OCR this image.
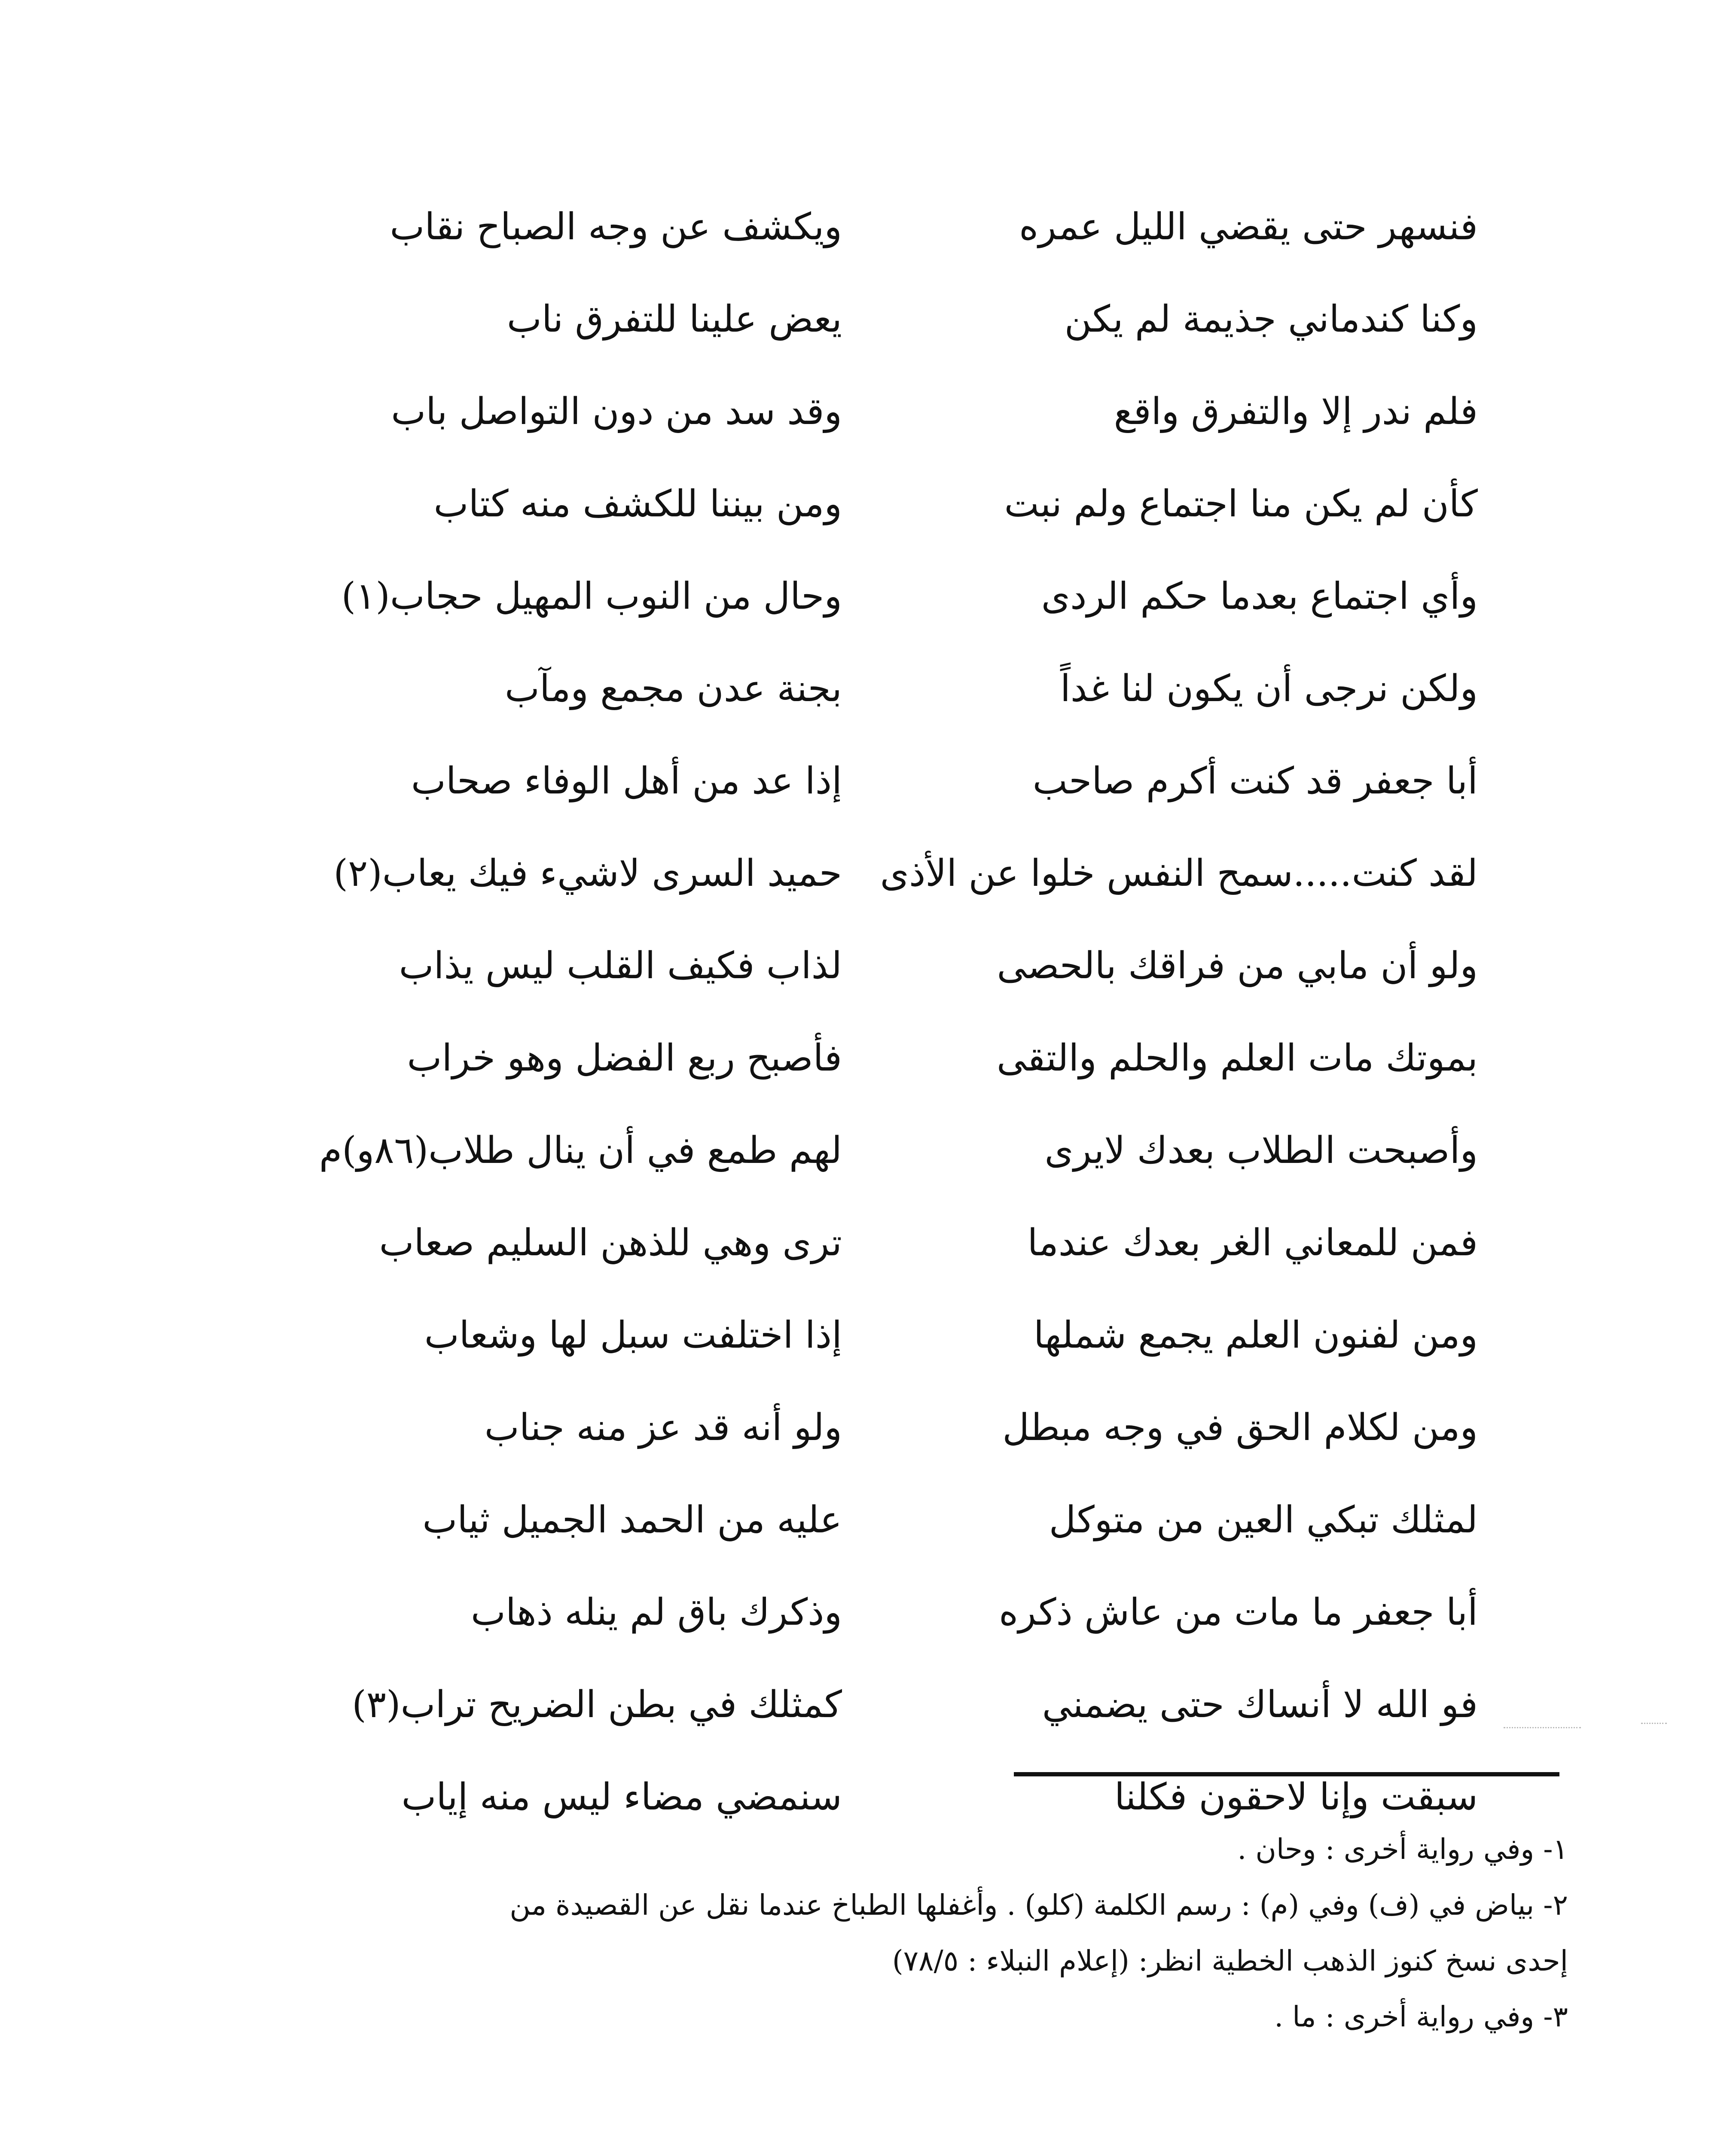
فنسهر حتى يقضي الليل عمره
ويكشف عن وجه الصباح نقاب
وكنا كندماني جذيمة لم يكن
يعض علينا للتفرق ناب
فلم ندر إلا والتفرق واقع
وقد سد من دون التواصل باب
كأن لم يكن منا اجتماع ولم نبت
ومن بيننا للكشف منه كتاب
وأي اجتماع بعدما حكم الردى
وحال من النوب المهيل حجاب(١)
ولكن نرجى أن يكون لنا غداً
بجنة عدن مجمع ومآب
أبا جعفر قد كنت أكرم صاحب
إذا عد من أهل الوفاء صحاب
لقد كنت.....سمح النفس خلوا عن الأذى
حميد السرى لاشيء فيك يعاب(٢)
ولو أن مابي من فراقك بالحصى
لذاب فكيف القلب ليس يذاب
بموتك مات العلم والحلم والتقى
فأصبح ربع الفضل وهو خراب
وأصبحت الطلاب بعدك لايرى
لهم طمع في أن ينال طلاب(٨٦و)م
فمن للمعاني الغر بعدك عندما
ترى وهي للذهن السليم صعاب
ومن لفنون العلم يجمع شملها
إذا اختلفت سبل لها وشعاب
ومن لكلام الحق في وجه مبطل
ولو أنه قد عز منه جناب
لمثلك تبكي العين من متوكل
عليه من الحمد الجميل ثياب
أبا جعفر ما مات من عاش ذكره
وذكرك باق لم ينله ذهاب
فو الله لا أنساك حتى يضمني
كمثلك في بطن الضريح تراب(٣)
سبقت وإنا لاحقون فكلنا
سنمضي مضاء ليس منه إياب
١- وفي رواية أخرى : وحان .
٢- بياض في (ف) وفي (م) : رسم الكلمة (كلو) . وأغفلها الطباخ عندما نقل عن القصيدة من
إحدى نسخ كنوز الذهب الخطية انظر: (إعلام النبلاء : ٧٨/٥)
٣- وفي رواية أخرى : ما .
